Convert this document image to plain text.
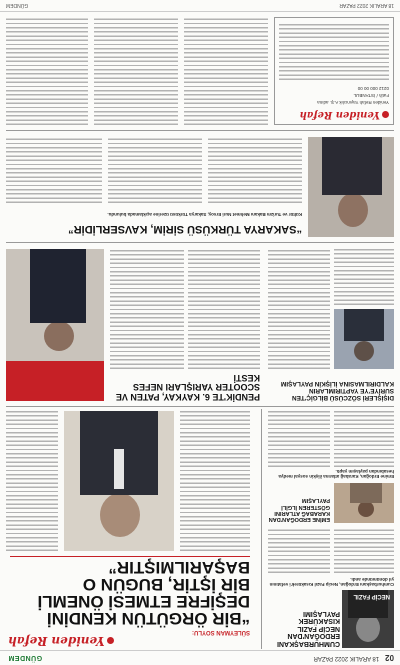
02
18 ARALIK 2022 PAZAR
GÜNDEM
Yeniden Refah
NECİP FAZIL
CUMHURBAŞKANI ERDOĞAN'DAN NECİP FAZIL KISAKÜREK PAYLAŞIMI
Cumhurbaşkanı Erdoğan, Necip Fazıl Kısakürek'i vefatının yıl dönümünde andı.
SÜLEYMAN SOYLU:
“BİR ÖRGÜTÜN KENDİNİ DEŞİFRE ETMESİ ÖNEMLİ BİR İŞTİR, BUGÜN O BAŞARILMIŞTIR”
EMİNE ERDOĞAN'DAN KARABAĞ ATLARINI GÖSTEREN İLGİLİ PAYLAŞIM
Emine Erdoğan, Karabağ atlarına ilişkin sosyal medya hesabından paylaşım yaptı.
DIŞİŞLERİ SÖZCÜSÜ BİLGİÇ'TEN SURİYE'YE YAPTIRIMLARIN KALDIRILMASINA İLİŞKİN PAYLAŞIM
PENDİK'TE 6. KAYKAY, PATEN VE SCOOTER YARIŞLARI NEFES KESTİ
“SAKARYA TÜRKÜSÜ SİRİM, KAVSERLİDİR”
Kültür ve Turizm Bakanı Mehmet Nuri Ersoy, Sakarya Türküsü üzerine açıklamada bulundu.
Yeniden Refah
Yeniden Refah Yayıncılık A.Ş. adına
Fatih / İSTANBUL
0212 000 00 00
18 ARALIK 2022 PAZAR
GÜNDEM
